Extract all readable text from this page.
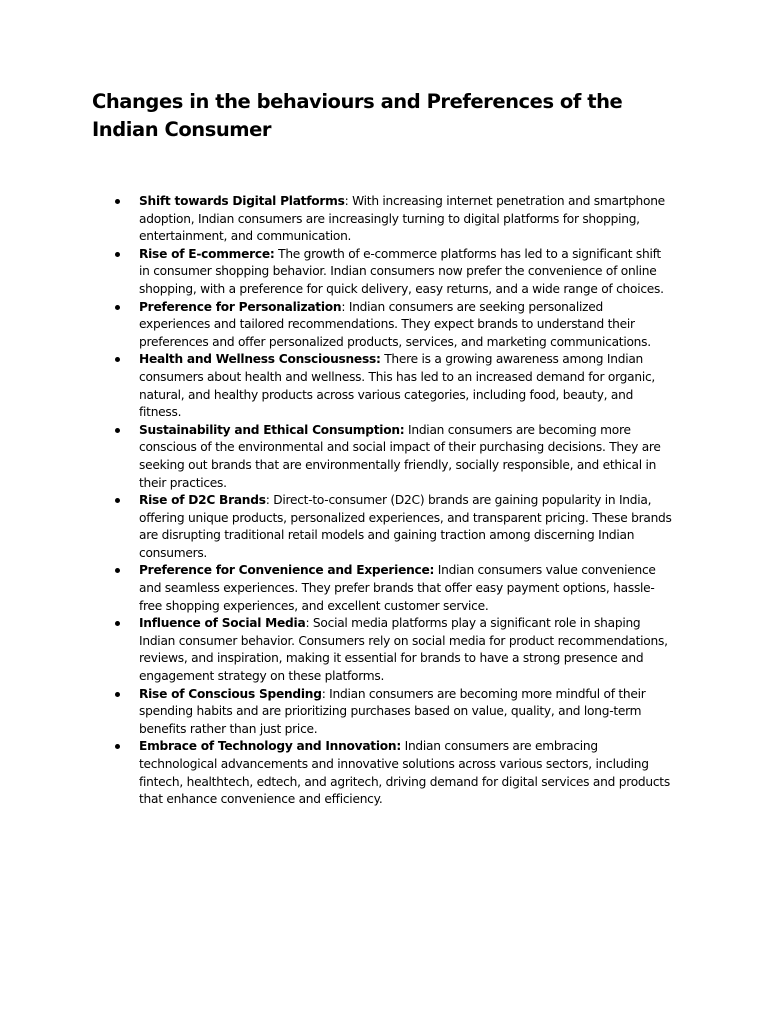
Changes in the behaviours and Preferences of the Indian Consumer
Shift towards Digital Platforms: With increasing internet penetration and smartphone adoption, Indian consumers are increasingly turning to digital platforms for shopping, entertainment, and communication.
Rise of E-commerce: The growth of e-commerce platforms has led to a significant shift in consumer shopping behavior. Indian consumers now prefer the convenience of online shopping, with a preference for quick delivery, easy returns, and a wide range of choices.
Preference for Personalization: Indian consumers are seeking personalized experiences and tailored recommendations. They expect brands to understand their preferences and offer personalized products, services, and marketing communications.
Health and Wellness Consciousness: There is a growing awareness among Indian consumers about health and wellness. This has led to an increased demand for organic, natural, and healthy products across various categories, including food, beauty, and fitness.
Sustainability and Ethical Consumption: Indian consumers are becoming more conscious of the environmental and social impact of their purchasing decisions. They are seeking out brands that are environmentally friendly, socially responsible, and ethical in their practices.
Rise of D2C Brands: Direct-to-consumer (D2C) brands are gaining popularity in India, offering unique products, personalized experiences, and transparent pricing. These brands are disrupting traditional retail models and gaining traction among discerning Indian consumers.
Preference for Convenience and Experience: Indian consumers value convenience and seamless experiences. They prefer brands that offer easy payment options, hassle-free shopping experiences, and excellent customer service.
Influence of Social Media: Social media platforms play a significant role in shaping Indian consumer behavior. Consumers rely on social media for product recommendations, reviews, and inspiration, making it essential for brands to have a strong presence and engagement strategy on these platforms.
Rise of Conscious Spending: Indian consumers are becoming more mindful of their spending habits and are prioritizing purchases based on value, quality, and long-term benefits rather than just price.
Embrace of Technology and Innovation: Indian consumers are embracing technological advancements and innovative solutions across various sectors, including fintech, healthtech, edtech, and agritech, driving demand for digital services and products that enhance convenience and efficiency.
